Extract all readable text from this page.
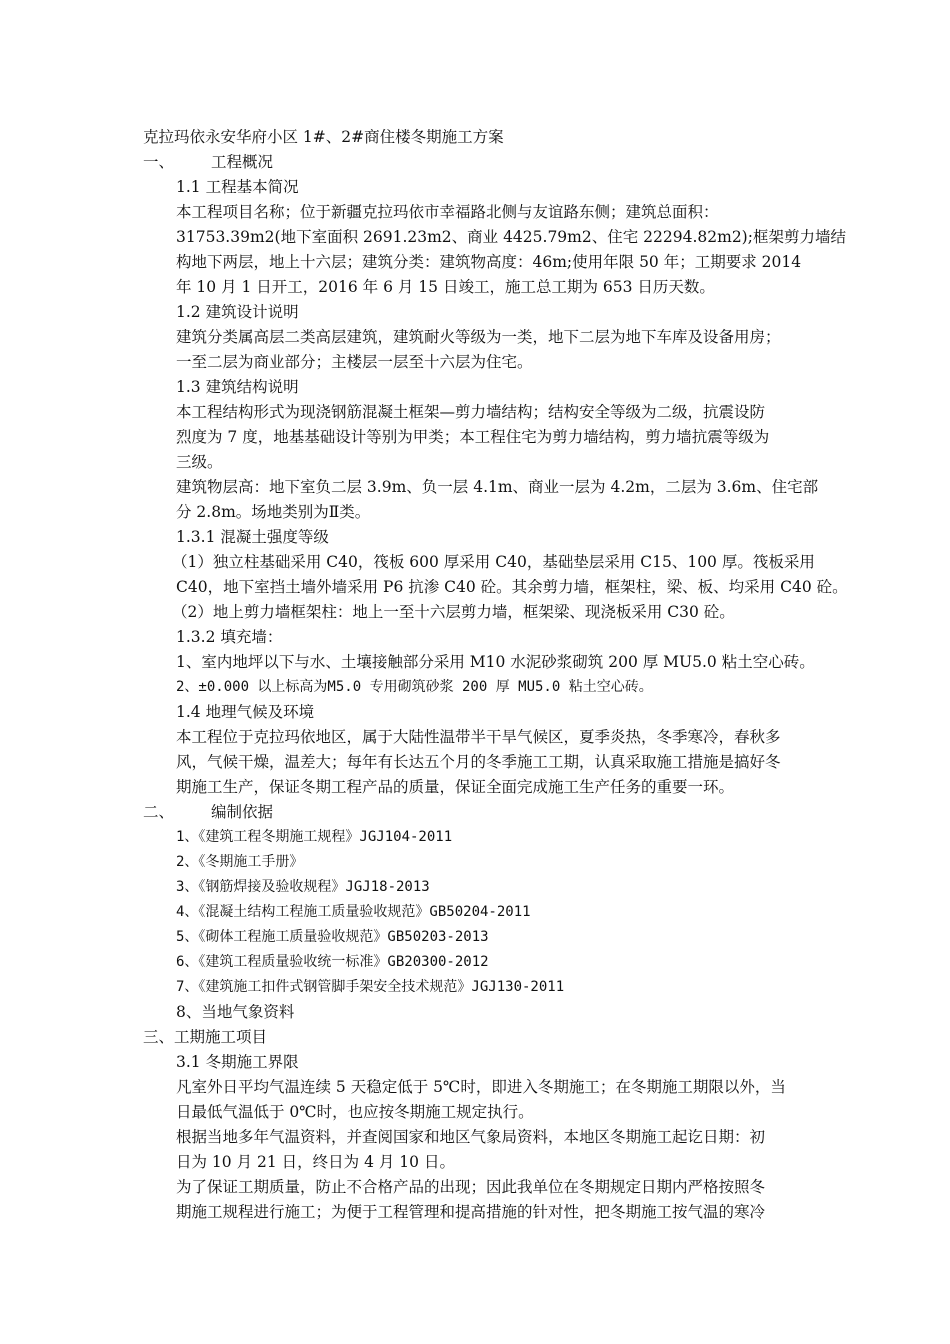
克拉玛依永安华府小区 1#、2#商住楼冬期施工方案
一、 工程概况
1.1 工程基本简况
本工程项目名称；位于新疆克拉玛依市幸福路北侧与友谊路东侧；建筑总面积：
31753.39m2(地下室面积 2691.23m2、商业 4425.79m2、住宅 22294.82m2);框架剪力墙结
构地下两层，地上十六层；建筑分类：建筑物高度：46m;使用年限 50 年；工期要求 2014
年 10 月 1 日开工，2016 年 6 月 15 日竣工，施工总工期为 653 日历天数。
1.2 建筑设计说明
建筑分类属高层二类高层建筑，建筑耐火等级为一类，地下二层为地下车库及设备用房；
一至二层为商业部分；主楼层一层至十六层为住宅。
1.3 建筑结构说明
本工程结构形式为现浇钢筋混凝土框架—剪力墙结构；结构安全等级为二级，抗震设防
烈度为 7 度，地基基础设计等别为甲类；本工程住宅为剪力墙结构，剪力墙抗震等级为
三级。
建筑物层高：地下室负二层 3.9m、负一层 4.1m、商业一层为 4.2m，二层为 3.6m、住宅部
分 2.8m。场地类别为Ⅱ类。
1.3.1 混凝土强度等级
（1）独立柱基础采用 C40，筏板 600 厚采用 C40，基础垫层采用 C15、100 厚。筏板采用
C40，地下室挡土墙外墙采用 P6 抗渗 C40 砼。其余剪力墙，框架柱，梁、板、均采用 C40 砼。
（2）地上剪力墙框架柱：地上一至十六层剪力墙，框架梁、现浇板采用 C30 砼。
1.3.2 填充墙：
1、室内地坪以下与水、土壤接触部分采用 M10 水泥砂浆砌筑 200 厚 MU5.0 粘土空心砖。
2、±0.000 以上标高为M5.0 专用砌筑砂浆 200 厚 MU5.0 粘土空心砖。
1.4 地理气候及环境
本工程位于克拉玛依地区，属于大陆性温带半干旱气候区，夏季炎热，冬季寒冷，春秋多
风，气候干燥，温差大；每年有长达五个月的冬季施工工期，认真采取施工措施是搞好冬
期施工生产，保证冬期工程产品的质量，保证全面完成施工生产任务的重要一环。
二、 编制依据
1、《建筑工程冬期施工规程》JGJ104-2011
2、《冬期施工手册》
3、《钢筋焊接及验收规程》JGJ18-2013
4、《混凝土结构工程施工质量验收规范》GB50204-2011
5、《砌体工程施工质量验收规范》GB50203-2013
6、《建筑工程质量验收统一标准》GB20300-2012
7、《建筑施工扣件式钢管脚手架安全技术规范》JGJ130-2011
8、当地气象资料
三、工期施工项目
3.1 冬期施工界限
凡室外日平均气温连续 5 天稳定低于 5℃时，即进入冬期施工；在冬期施工期限以外，当
日最低气温低于 0℃时，也应按冬期施工规定执行。
根据当地多年气温资料，并查阅国家和地区气象局资料，本地区冬期施工起讫日期：初
日为 10 月 21 日，终日为 4 月 10 日。
为了保证工期质量，防止不合格产品的出现；因此我单位在冬期规定日期内严格按照冬
期施工规程进行施工；为便于工程管理和提高措施的针对性，把冬期施工按气温的寒冷
